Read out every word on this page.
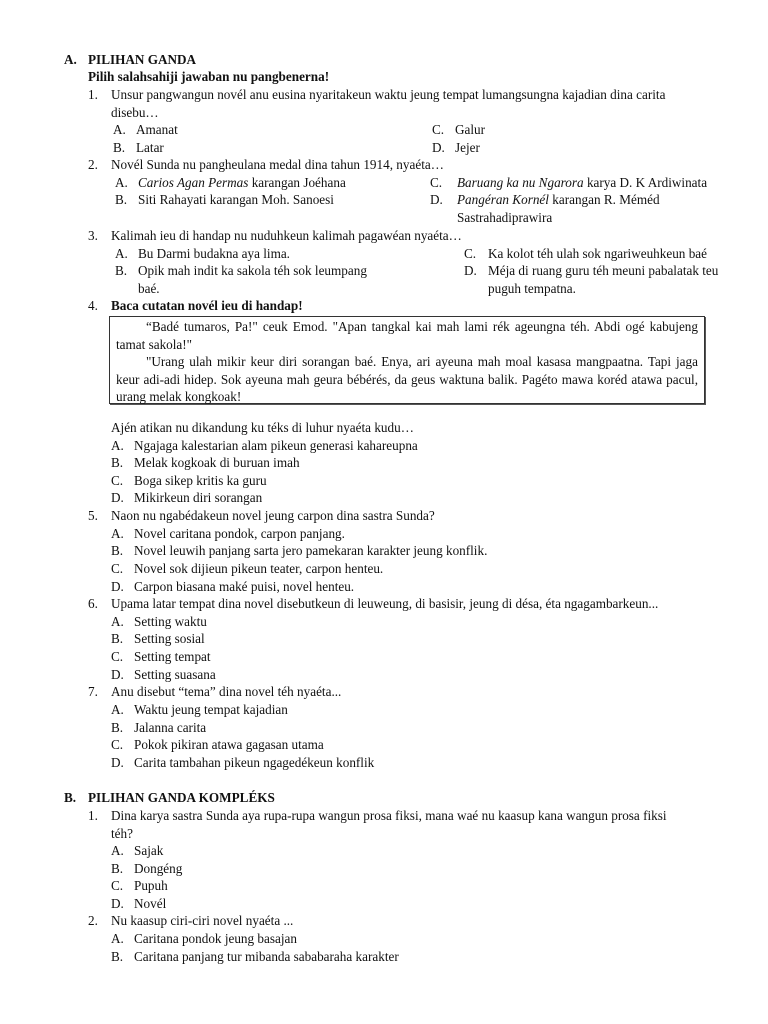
A. PILIHAN GANDA
Pilih salahsahiji jawaban nu pangbenerna!
1. Unsur pangwangun novél anu eusina nyaritakeun waktu jeung tempat lumangsungna kajadian dina carita
disebu…
A. Amanat
B. Latar
C. Galur
D. Jejer
2. Novél Sunda nu pangheulana medal dina tahun 1914, nyaéta…
A. Carios Agan Permas karangan Joéhana
B. Siti Rahayati karangan Moh. Sanoesi
C. Baruang ka nu Ngarora karya D. K Ardiwinata
D. Pangéran Kornél karangan R. Méméd
Sastrahadiprawira
3. Kalimah ieu di handap nu nuduhkeun kalimah pagawéan nyaéta…
A. Bu Darmi budakna aya lima.
B. Opik mah indit ka sakola téh sok leumpang
baé.
C. Ka kolot téh ulah sok ngariweuhkeun baé
D. Méja di ruang guru téh meuni pabalatak teu
puguh tempatna.
4. Baca cutatan novél ieu di handap!

“Badé tumaros, Pa!" ceuk Emod. "Apan tangkal kai mah lami rék ageungna téh. Abdi ogé kabujeng tamat sakola!"

"Urang ulah mikir keur diri sorangan baé. Enya, ari ayeuna mah moal kasasa mangpaatna. Tapi jaga keur adi-adi hidep. Sok ayeuna mah geura bébérés, da geus waktuna balik. Pagéto mawa koréd atawa pacul, urang melak kongkoak!

Ajén atikan nu dikandung ku téks di luhur nyaéta kudu…
A. Ngajaga kalestarian alam pikeun generasi kahareupna
B. Melak kogkoak di buruan imah
C. Boga sikep kritis ka guru
D. Mikirkeun diri sorangan
5. Naon nu ngabédakeun novel jeung carpon dina sastra Sunda?
A. Novel caritana pondok, carpon panjang.
B. Novel leuwih panjang sarta jero pamekaran karakter jeung konflik.
C. Novel sok dijieun pikeun teater, carpon henteu.
D. Carpon biasana maké puisi, novel henteu.
6. Upama latar tempat dina novel disebutkeun di leuweung, di basisir, jeung di désa, éta ngagambarkeun...
A. Setting waktu
B. Setting sosial
C. Setting tempat
D. Setting suasana
7. Anu disebut “tema” dina novel téh nyaéta...
A. Waktu jeung tempat kajadian
B. Jalanna carita
C. Pokok pikiran atawa gagasan utama
D. Carita tambahan pikeun ngagedékeun konflik
B. PILIHAN GANDA KOMPLÉKS
1. Dina karya sastra Sunda aya rupa-rupa wangun prosa fiksi, mana waé nu kaasup kana wangun prosa fiksi
téh?
A. Sajak
B. Dongéng
C. Pupuh
D. Novél
2. Nu kaasup ciri-ciri novel nyaéta ...
A. Caritana pondok jeung basajan
B. Caritana panjang tur mibanda sababaraha karakter
